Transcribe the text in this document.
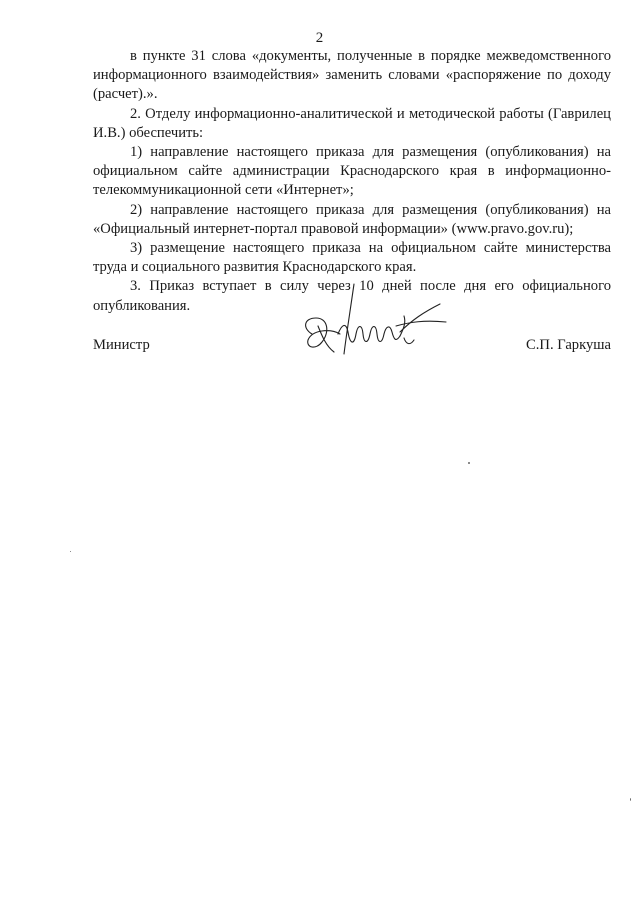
2

в пункте 31 слова «документы, полученные в порядке межведомственного информационного взаимодействия» заменить словами «распоряжение по доходу (расчет).».

2. Отделу информационно-аналитической и методической работы (Гаврилец И.В.) обеспечить:

1) направление настоящего приказа для размещения (опубликования) на официальном сайте администрации Краснодарского края в информационно-телекоммуникационной сети «Интернет»;

2) направление настоящего приказа для размещения (опубликования) на «Официальный интернет-портал правовой информации» (www.pravo.gov.ru);

3) размещение настоящего приказа на официальном сайте министерства труда и социального развития Краснодарского края.

3. Приказ вступает в силу через 10 дней после дня его официального опубликования.

Министр	С.П. Гаркуша
